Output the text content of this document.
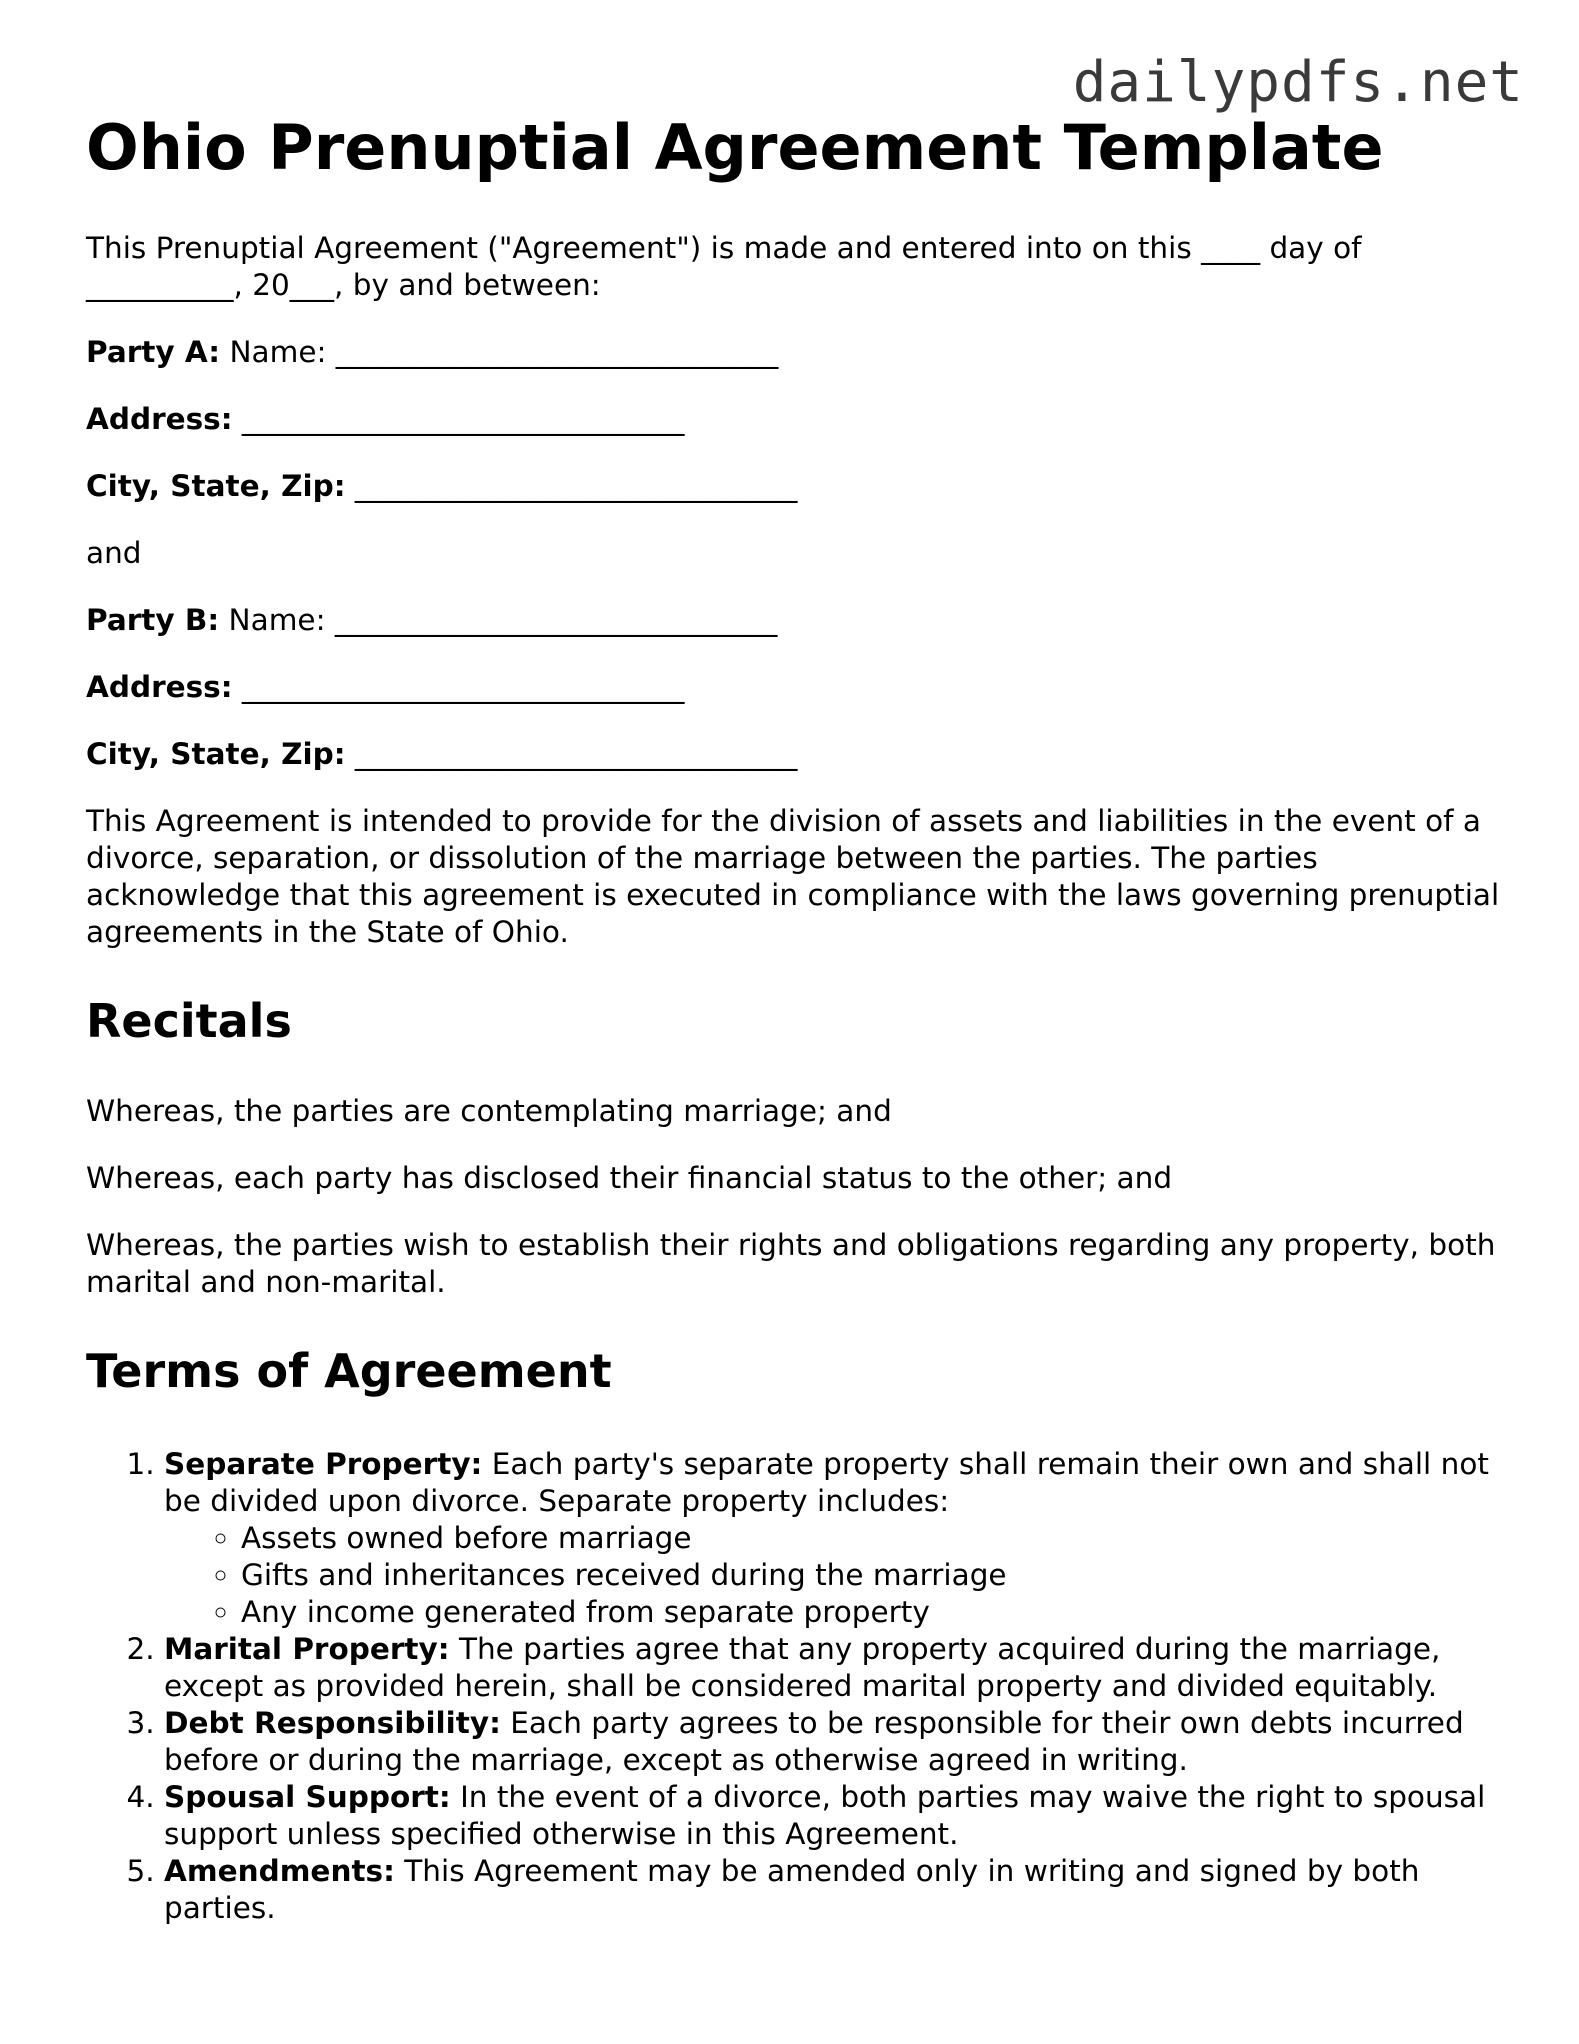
dailypdfs.net
Ohio Prenuptial Agreement Template

This Prenuptial Agreement ("Agreement") is made and entered into on this ____ day of __________, 20___, by and between:

Party A: Name: ______________________________

Address: ______________________________

City, State, Zip: ______________________________

and

Party B: Name: ______________________________

Address: ______________________________

City, State, Zip: ______________________________

This Agreement is intended to provide for the division of assets and liabilities in the event of a divorce, separation, or dissolution of the marriage between the parties. The parties acknowledge that this agreement is executed in compliance with the laws governing prenuptial agreements in the State of Ohio.

Recitals

Whereas, the parties are contemplating marriage; and

Whereas, each party has disclosed their financial status to the other; and

Whereas, the parties wish to establish their rights and obligations regarding any property, both marital and non-marital.

Terms of Agreement
1. Separate Property: Each party's separate property shall remain their own and shall not be divided upon divorce. Separate property includes:
◦ Assets owned before marriage
◦ Gifts and inheritances received during the marriage
◦ Any income generated from separate property
2. Marital Property: The parties agree that any property acquired during the marriage, except as provided herein, shall be considered marital property and divided equitably.
3. Debt Responsibility: Each party agrees to be responsible for their own debts incurred before or during the marriage, except as otherwise agreed in writing.
4. Spousal Support: In the event of a divorce, both parties may waive the right to spousal support unless specified otherwise in this Agreement.
5. Amendments: This Agreement may be amended only in writing and signed by both parties.
